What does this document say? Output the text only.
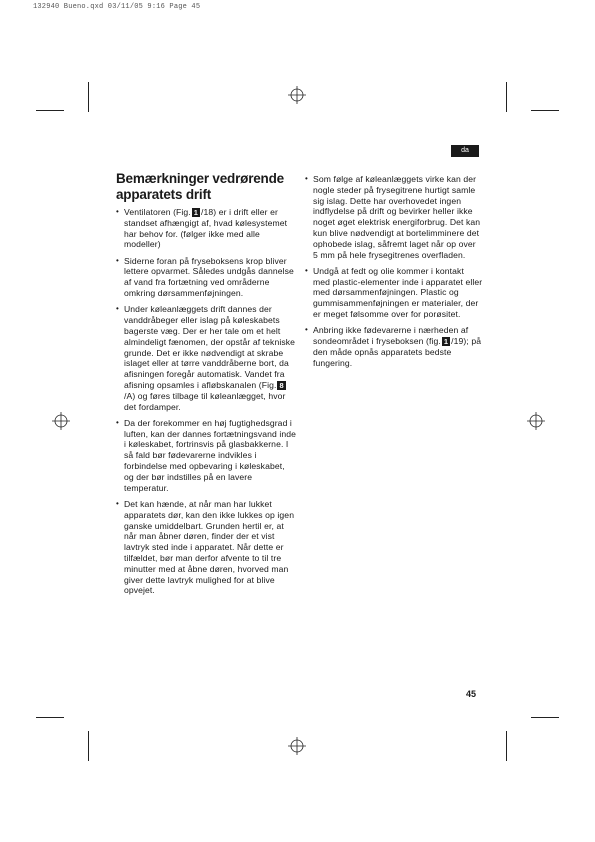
132940 Bueno.qxd 03/11/05 9:16 Page 45
da
Bemærkninger vedrørende apparatets drift
• Ventilatoren (Fig. 1 /18) er i drift eller er standset afhængigt af, hvad kølesystemet har behov for. (følger ikke med alle modeller)
• Siderne foran på fryseboksens krop bliver lettere opvarmet. Således undgås dannelse af vand fra fortætning ved områderne omkring dørsammenføjningen.
• Under køleanlæggets drift dannes der vanddråbeger eller islag på køleskabets bagerste væg. Der er her tale om et helt almindeligt fænomen, der opstår af tekniske grunde. Det er ikke nødvendigt at skrabe islaget eller at tørre vanddråberne bort, da afisningen foregår automatisk. Vandet fra afisning opsamles i afløbskanalen (Fig. 8/A) og føres tilbage til køleanlægget, hvor det fordamper.
• Da der forekommer en høj fugtighedsgrad i luften, kan der dannes fortætningsvand inde i køleskabet, fortrinsvis på glasbakkerne. I så fald bør fødevarerne indvikles i forbindelse med opbevaring i køleskabet, og der bør indstilles på en lavere temperatur.
• Det kan hænde, at når man har lukket apparatets dør, kan den ikke lukkes op igen ganske umiddelbart. Grunden hertil er, at når man åbner døren, finder der et vist lavtryk sted inde i apparatet. Når dette er tilfældet, bør man derfor afvente to til tre minutter med at åbne døren, hvorved man giver dette lavtryk mulighed for at blive opvejet.
• Som følge af køleanlæggets virke kan der nogle steder på frysegitrene hurtigt samle sig islag. Dette har overhovedet ingen indflydelse på drift og bevirker heller ikke noget øget elektrisk energiforbrug. Det kan kun blive nødvendigt at bortelimminere det ophobede islag, såfremt laget når op over 5 mm på hele frysegitrenes overfladen.
• Undgå at fedt og olie kommer i kontakt med plastic-elementer inde i apparatet eller med dørsammenføjningen. Plastic og gummisammenføjningen er materialer, der er meget følsomme over for porøsitet.
• Anbring ikke fødevarerne i nærheden af sondeområdet i fryseboksen (fig. 1 /19); på den måde opnås apparatets bedste fungering.
45
